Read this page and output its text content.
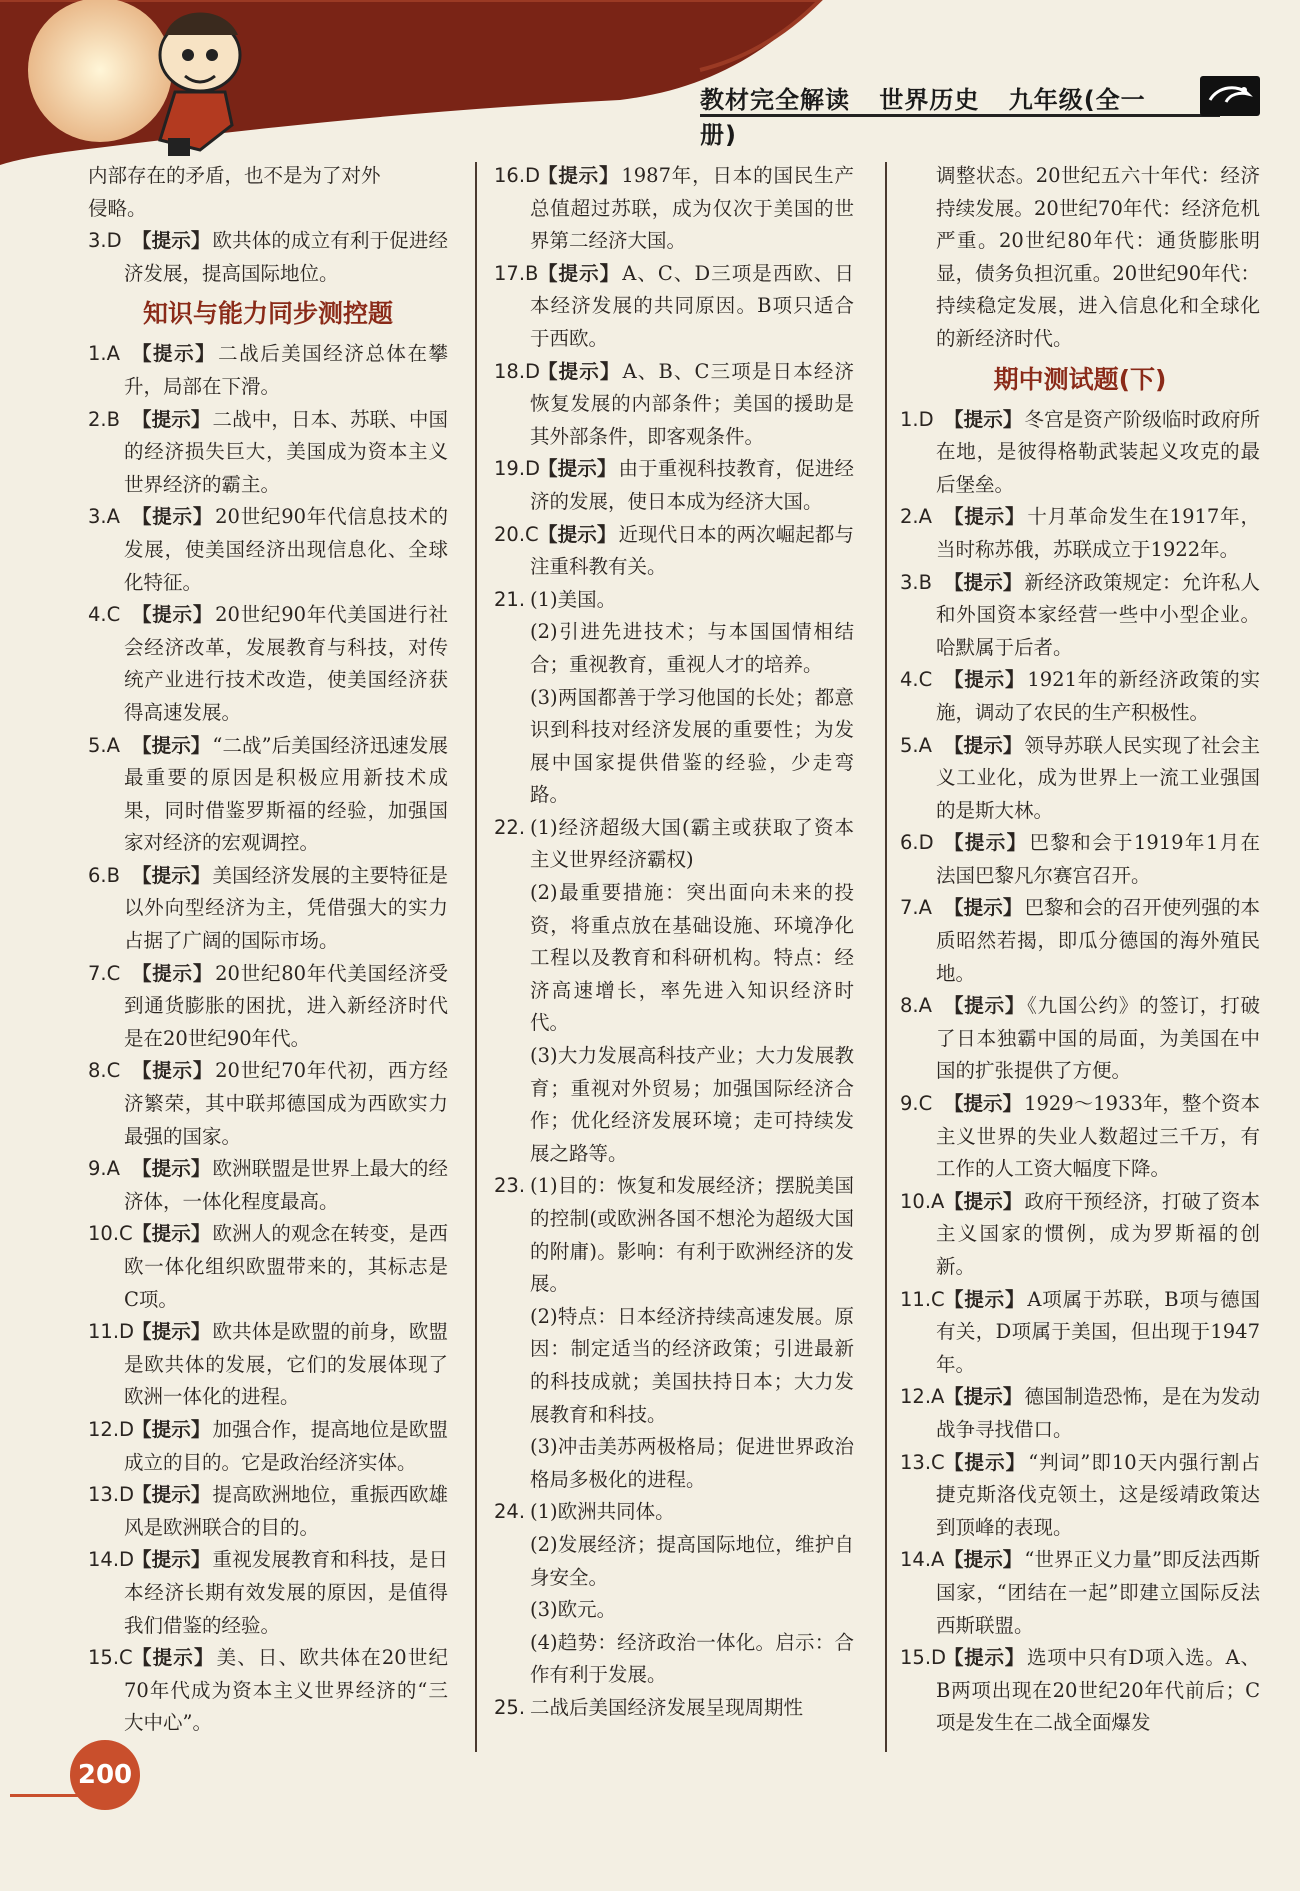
教材完全解读 世界历史 九年级(全一册)
内部存在的矛盾，也不是为了对外
侵略。
3.D 【提示】 欧共体的成立有利于促进经济发展，提高国际地位。
知识与能力同步测控题
1.A 【提示】 二战后美国经济总体在攀升，局部在下滑。
2.B 【提示】 二战中，日本、苏联、中国的经济损失巨大，美国成为资本主义世界经济的霸主。
3.A 【提示】 20世纪90年代信息技术的发展，使美国经济出现信息化、全球化特征。
4.C 【提示】 20世纪90年代美国进行社会经济改革，发展教育与科技，对传统产业进行技术改造，使美国经济获得高速发展。
5.A 【提示】 “二战”后美国经济迅速发展最重要的原因是积极应用新技术成果，同时借鉴罗斯福的经验，加强国家对经济的宏观调控。
6.B 【提示】 美国经济发展的主要特征是以外向型经济为主，凭借强大的实力占据了广阔的国际市场。
7.C 【提示】 20世纪80年代美国经济受到通货膨胀的困扰，进入新经济时代是在20世纪90年代。
8.C 【提示】 20世纪70年代初，西方经济繁荣，其中联邦德国成为西欧实力最强的国家。
9.A 【提示】 欧洲联盟是世界上最大的经济体，一体化程度最高。
10.C 【提示】 欧洲人的观念在转变，是西欧一体化组织欧盟带来的，其标志是C项。
11.D
【提示】 欧共体是欧盟的前身，欧盟是欧共体的发展，它们的发展体现了欧洲一体化的进程。
12.D
【提示】 加强合作，提高地位是欧盟成立的目的。它是政治经济实体。
13.D
【提示】 提高欧洲地位，重振西欧雄风是欧洲联合的目的。
14.D
【提示】 重视发展教育和科技，是日本经济长期有效发展的原因，是值得我们借鉴的经验。
15.C 【提示】 美、日、欧共体在20世纪70年代成为资本主义世界经济的“三大中心”。
16.D
【提示】 1987年，日本的国民生产总值超过苏联，成为仅次于美国的世界第二经济大国。
17.B 【提示】 A、C、D三项是西欧、日本经济发展的共同原因。B项只适合于西欧。
18.D
【提示】 A、B、C三项是日本经济恢复发展的内部条件；美国的援助是其外部条件，即客观条件。
19.D
【提示】 由于重视科技教育，促进经济的发展，使日本成为经济大国。
20.C 【提示】 近现代日本的两次崛起都与注重科教有关。
21. (1)美国。
(2)引进先进技术；与本国国情相结合；重视教育，重视人才的培养。
(3)两国都善于学习他国的长处；都意识到科技对经济发展的重要性；为发展中国家提供借鉴的经验，少走弯路。
22. (1)经济超级大国(霸主或获取了资本主义世界经济霸权)
(2)最重要措施：突出面向未来的投资，将重点放在基础设施、环境净化工程以及教育和科研机构。特点：经济高速增长，率先进入知识经济时代。
(3)大力发展高科技产业；大力发展教育；重视对外贸易；加强国际经济合作；优化经济发展环境；走可持续发展之路等。
23. (1)目的：恢复和发展经济；摆脱美国的控制(或欧洲各国不想沦为超级大国的附庸)。影响：有利于欧洲经济的发展。
(2)特点：日本经济持续高速发展。原因：制定适当的经济政策；引进最新的科技成就；美国扶持日本；大力发展教育和科技。
(3)冲击美苏两极格局；促进世界政治格局多极化的进程。
24. (1)欧洲共同体。
(2)发展经济；提高国际地位，维护自身安全。
(3)欧元。
(4)趋势：经济政治一体化。启示：合作有利于发展。
25. 二战后美国经济发展呈现周期性
调整状态。20世纪五六十年代：经济持续发展。20世纪70年代：经济危机严重。20世纪80年代：通货膨胀明显，债务负担沉重。20世纪90年代：持续稳定发展，进入信息化和全球化的新经济时代。
期中测试题(下)
1.D 【提示】 冬宫是资产阶级临时政府所在地，是彼得格勒武装起义攻克的最后堡垒。
2.A 【提示】 十月革命发生在1917年，当时称苏俄，苏联成立于1922年。
3.B 【提示】 新经济政策规定：允许私人和外国资本家经营一些中小型企业。哈默属于后者。
4.C 【提示】 1921年的新经济政策的实施，调动了农民的生产积极性。
5.A 【提示】 领导苏联人民实现了社会主义工业化，成为世界上一流工业强国的是斯大林。
6.D 【提示】 巴黎和会于1919年1月在法国巴黎凡尔赛宫召开。
7.A 【提示】 巴黎和会的召开使列强的本质昭然若揭，即瓜分德国的海外殖民地。
8.A 【提示】 《九国公约》的签订，打破了日本独霸中国的局面，为美国在中国的扩张提供了方便。
9.C 【提示】 1929～1933年，整个资本主义世界的失业人数超过三千万，有工作的人工资大幅度下降。
10.A 【提示】 政府干预经济，打破了资本主义国家的惯例，成为罗斯福的创新。
11.C 【提示】 A项属于苏联，B项与德国有关，D项属于美国，但出现于1947年。
12.A 【提示】 德国制造恐怖，是在为发动战争寻找借口。
13.C 【提示】 “判词”即10天内强行割占捷克斯洛伐克领土，这是绥靖政策达到顶峰的表现。
14.A 【提示】 “世界正义力量”即反法西斯国家，“团结在一起”即建立国际反法西斯联盟。
15.D
【提示】 选项中只有D项入选。A、B两项出现在20世纪20年代前后；C项是发生在二战全面爆发
200
